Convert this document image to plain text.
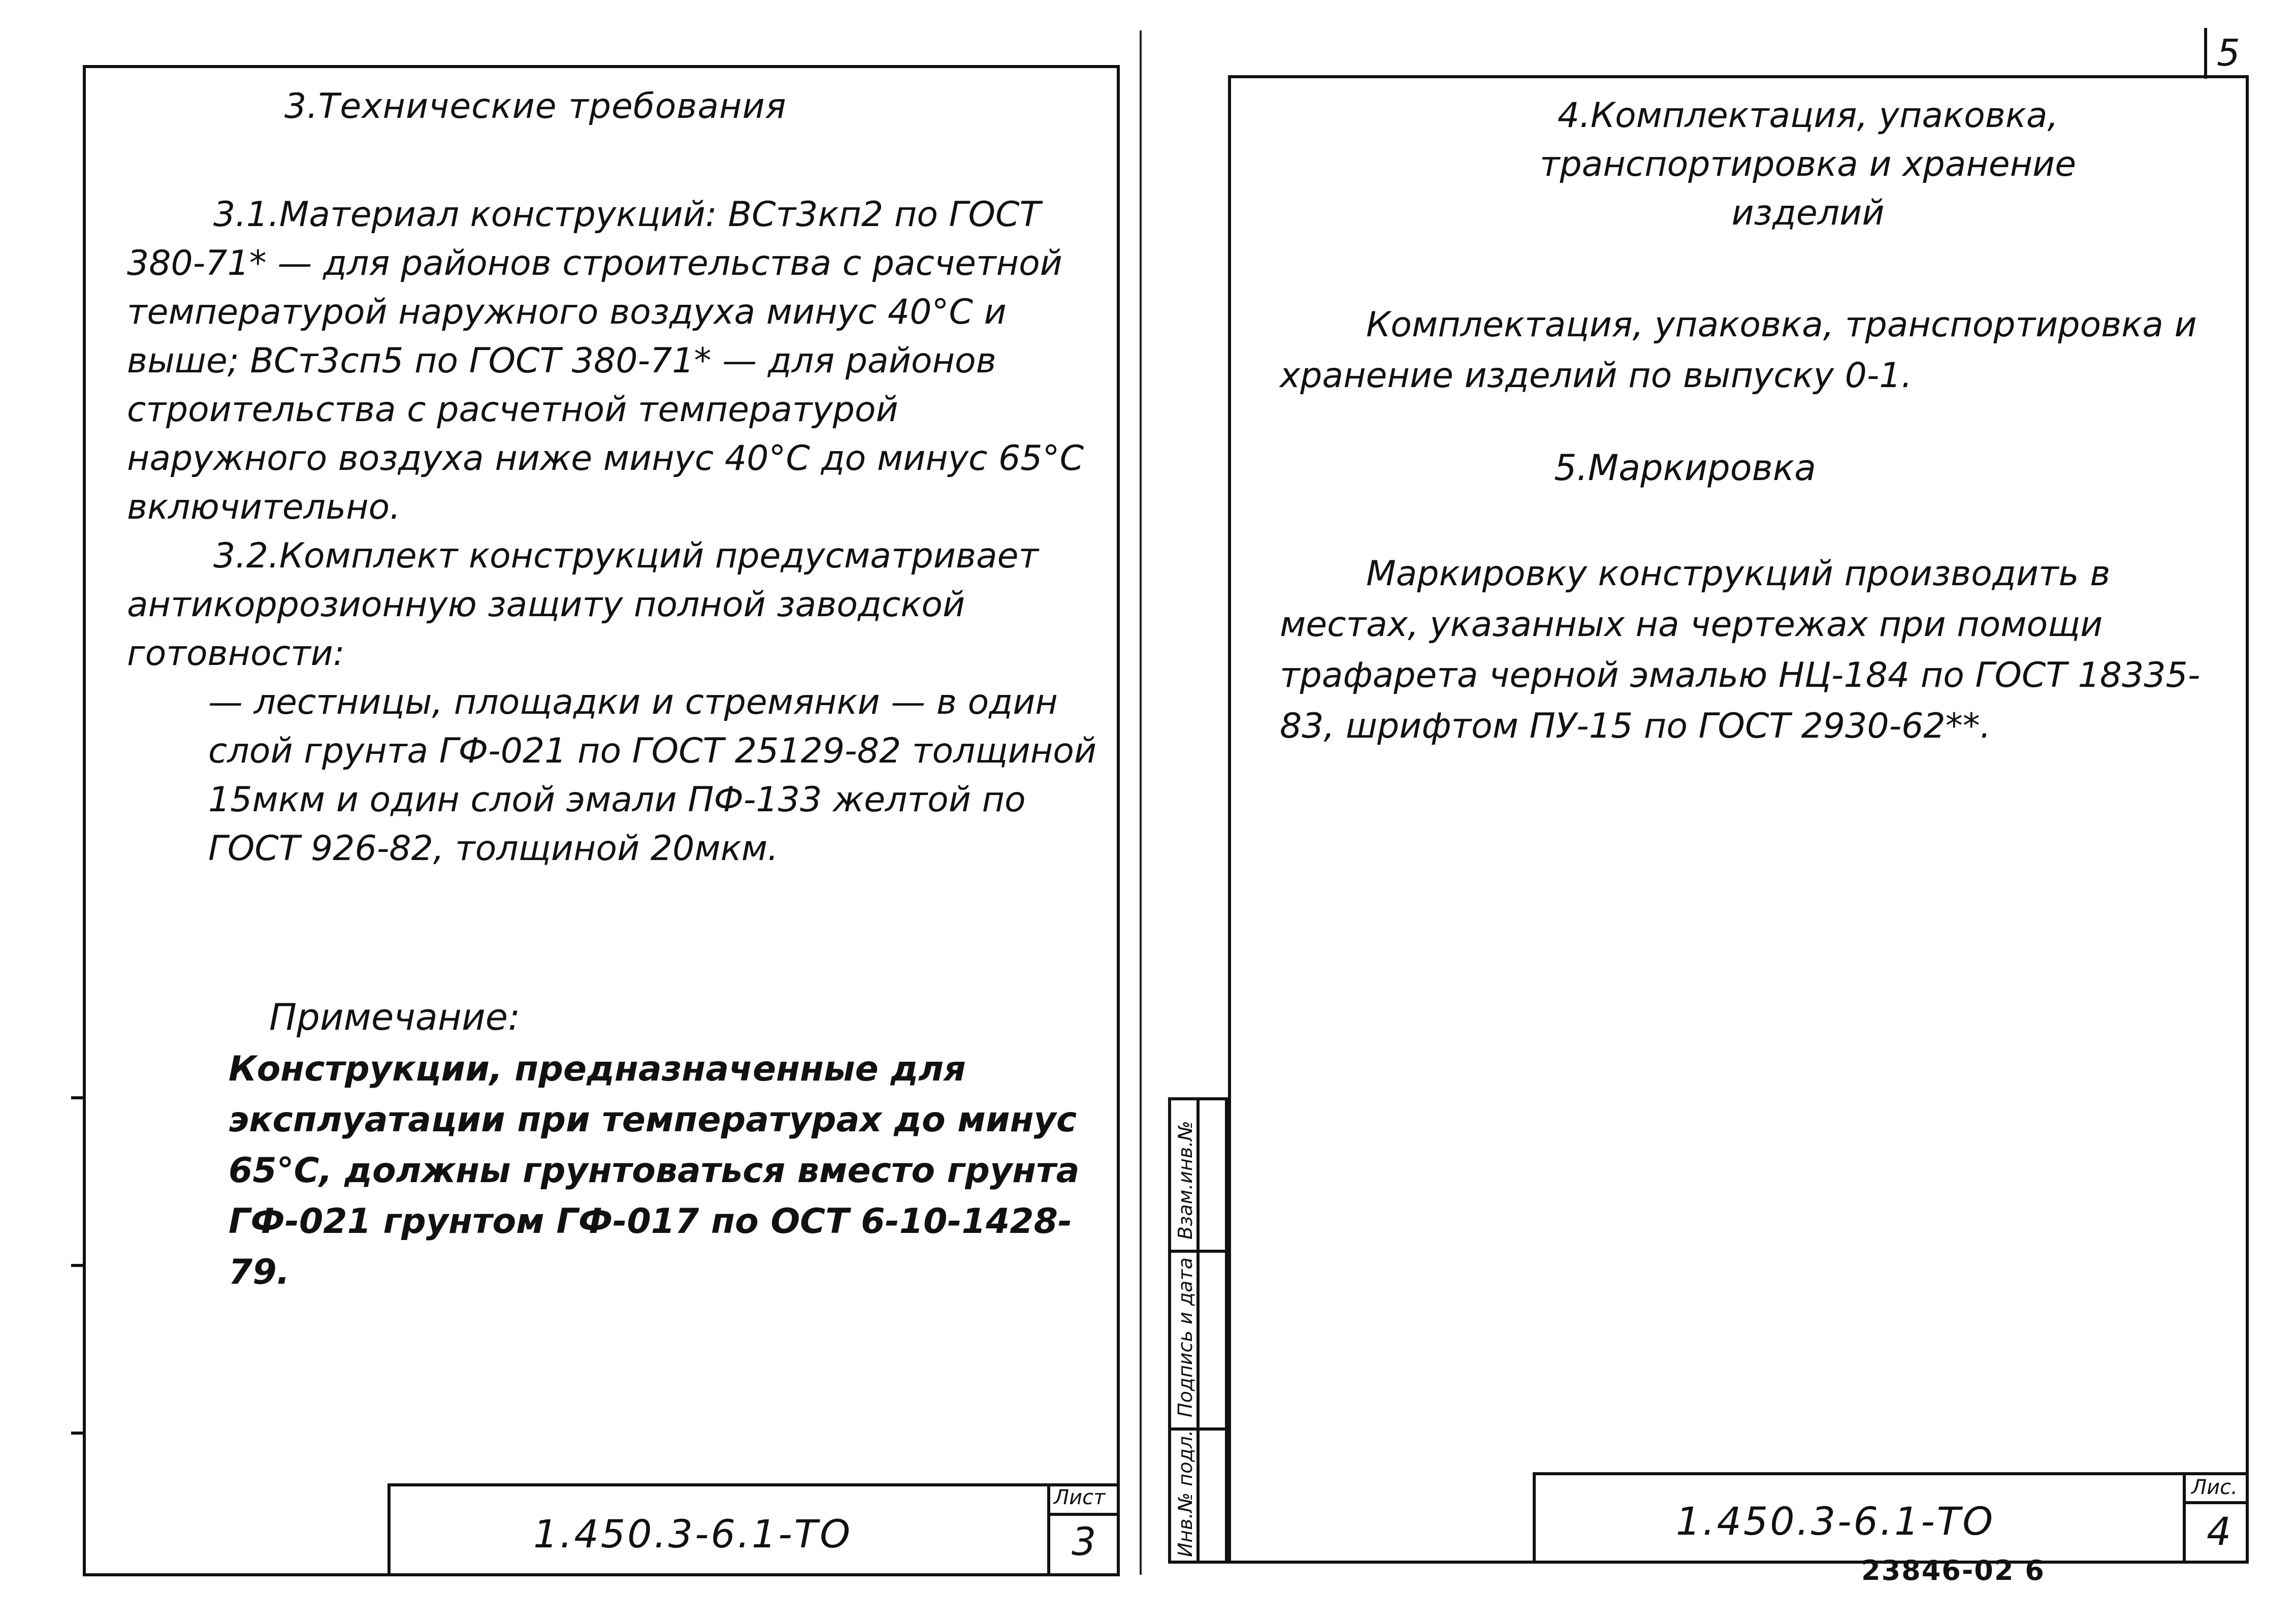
3.Технические требования

3.1.Материал конструкций: ВСт3кп2 по ГОСТ 380-71* — для районов строительства с расчетной температурой наружного воздуха минус 40°С и выше; ВСт3сп5 по ГОСТ 380-71* — для районов строительства с расчетной температурой наружного воздуха ниже минус 40°С до минус 65°С включительно.

3.2.Комплект конструкций предусматривает антикоррозионную защиту полной заводской готовности:

— лестницы, площадки и стремянки — в один слой грунта ГФ-021 по ГОСТ 25129-82 толщиной 15мкм и один слой эмали ПФ-133 желтой по ГОСТ 926-82, толщиной 20мкм.

Примечание:
Конструкции, предназначенные для эксплуатации при температурах до минус 65°С, должны грунтоваться вместо грунта ГФ-021 грунтом ГФ-017 по ОСТ 6-10-1428-79.
1.450.3-6.1-ТО
Лист
3
Взам.инв.№
Подпись и дата
Инв.№ подл.
4.Комплектация, упаковка,
транспортировка и хранение
изделий

Комплектация, упаковка, транспортировка и хранение изделий по выпуску 0-1.

5.Маркировка

Маркировку конструкций производить в местах, указанных на чертежах при помощи трафарета черной эмалью НЦ-184 по ГОСТ 18335-83, шрифтом ПУ-15 по ГОСТ 2930-62**.

1.450.3-6.1-ТО
Лис.
4
5
23846-02 6
